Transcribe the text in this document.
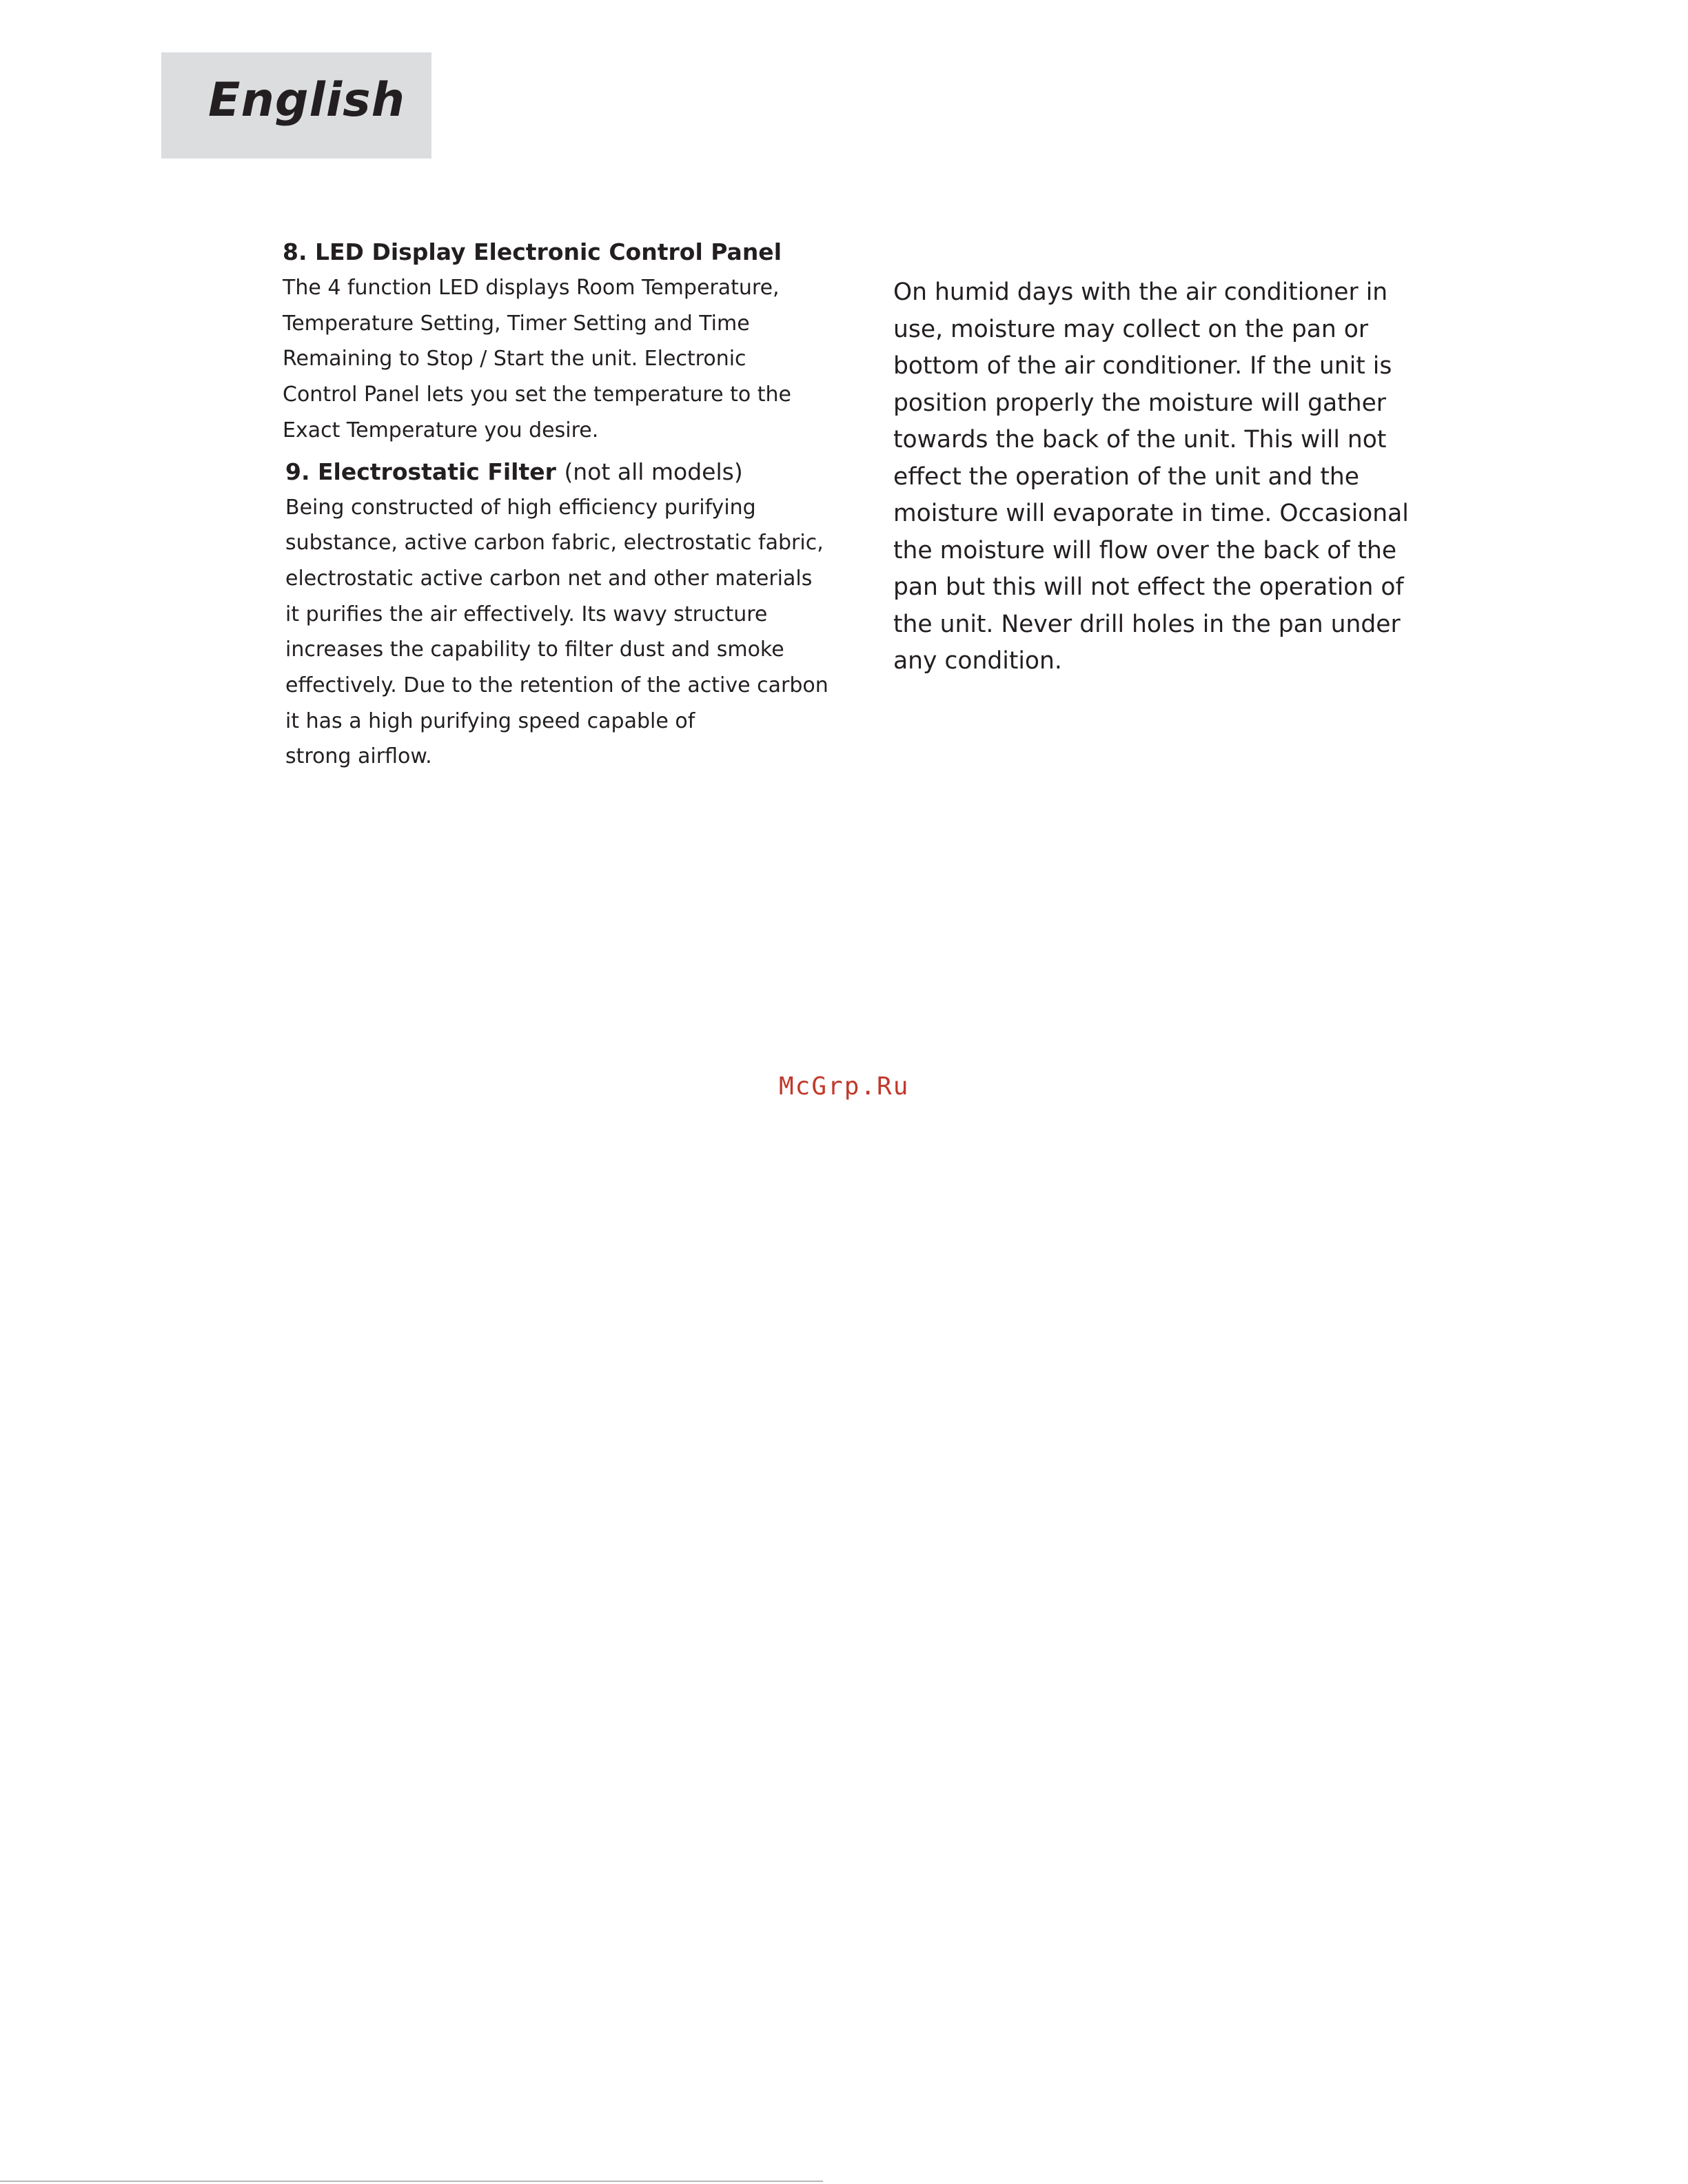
English

8. LED Display Electronic Control Panel

The 4 function LED displays Room Temperature,
Temperature Setting, Timer Setting and Time
Remaining to Stop / Start the unit. Electronic
Control Panel lets you set the temperature to the
Exact Temperature you desire.

9. Electrostatic Filter (not all models)

Being constructed of high efficiency purifying
substance, active carbon fabric, electrostatic fabric,
electrostatic active carbon net and other materials
it purifies the air effectively. Its wavy structure
increases the capability to filter dust and smoke
effectively. Due to the retention of the active carbon
it has a high purifying speed capable of
strong airflow.

On humid days with the air conditioner in
use, moisture may collect on the pan or
bottom of the air conditioner. If the unit is
position properly the moisture will gather
towards the back of the unit. This will not
effect the operation of the unit and the
moisture will evaporate in time. Occasional
the moisture will flow over the back of the
pan but this will not effect the operation of
the unit. Never drill holes in the pan under
any condition.

McGrp.Ru
